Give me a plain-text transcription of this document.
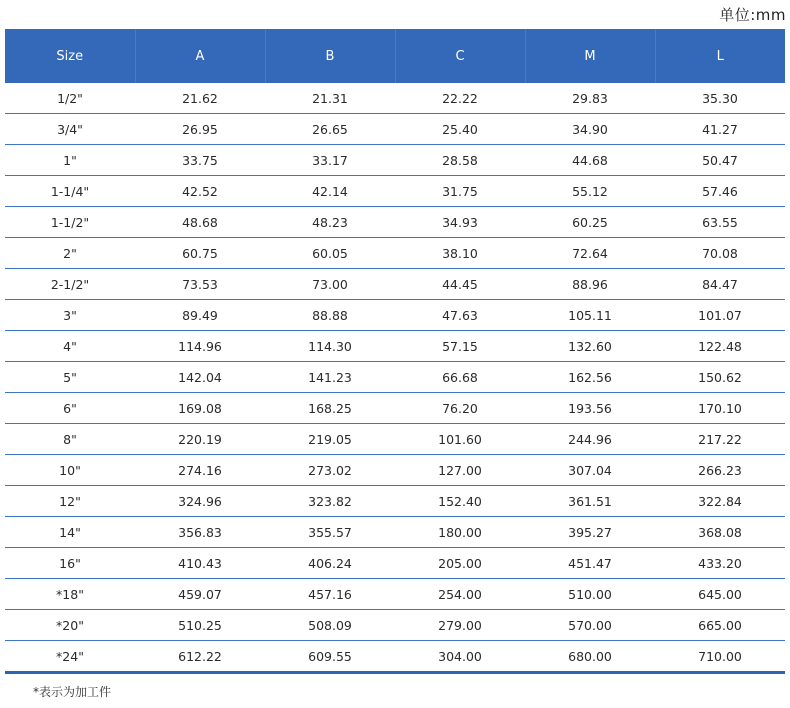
单位:mm
Size	A	B	C	M	L
1/2"	21.62	21.31	22.22	29.83	35.30
3/4"	26.95	26.65	25.40	34.90	41.27
1"	33.75	33.17	28.58	44.68	50.47
1-1/4"	42.52	42.14	31.75	55.12	57.46
1-1/2"	48.68	48.23	34.93	60.25	63.55
2"	60.75	60.05	38.10	72.64	70.08
2-1/2"	73.53	73.00	44.45	88.96	84.47
3"	89.49	88.88	47.63	105.11	101.07
4"	114.96	114.30	57.15	132.60	122.48
5"	142.04	141.23	66.68	162.56	150.62
6"	169.08	168.25	76.20	193.56	170.10
8"	220.19	219.05	101.60	244.96	217.22
10"	274.16	273.02	127.00	307.04	266.23
12"	324.96	323.82	152.40	361.51	322.84
14"	356.83	355.57	180.00	395.27	368.08
16"	410.43	406.24	205.00	451.47	433.20
*18"	459.07	457.16	254.00	510.00	645.00
*20"	510.25	508.09	279.00	570.00	665.00
*24"	612.22	609.55	304.00	680.00	710.00
*表示为加工件
